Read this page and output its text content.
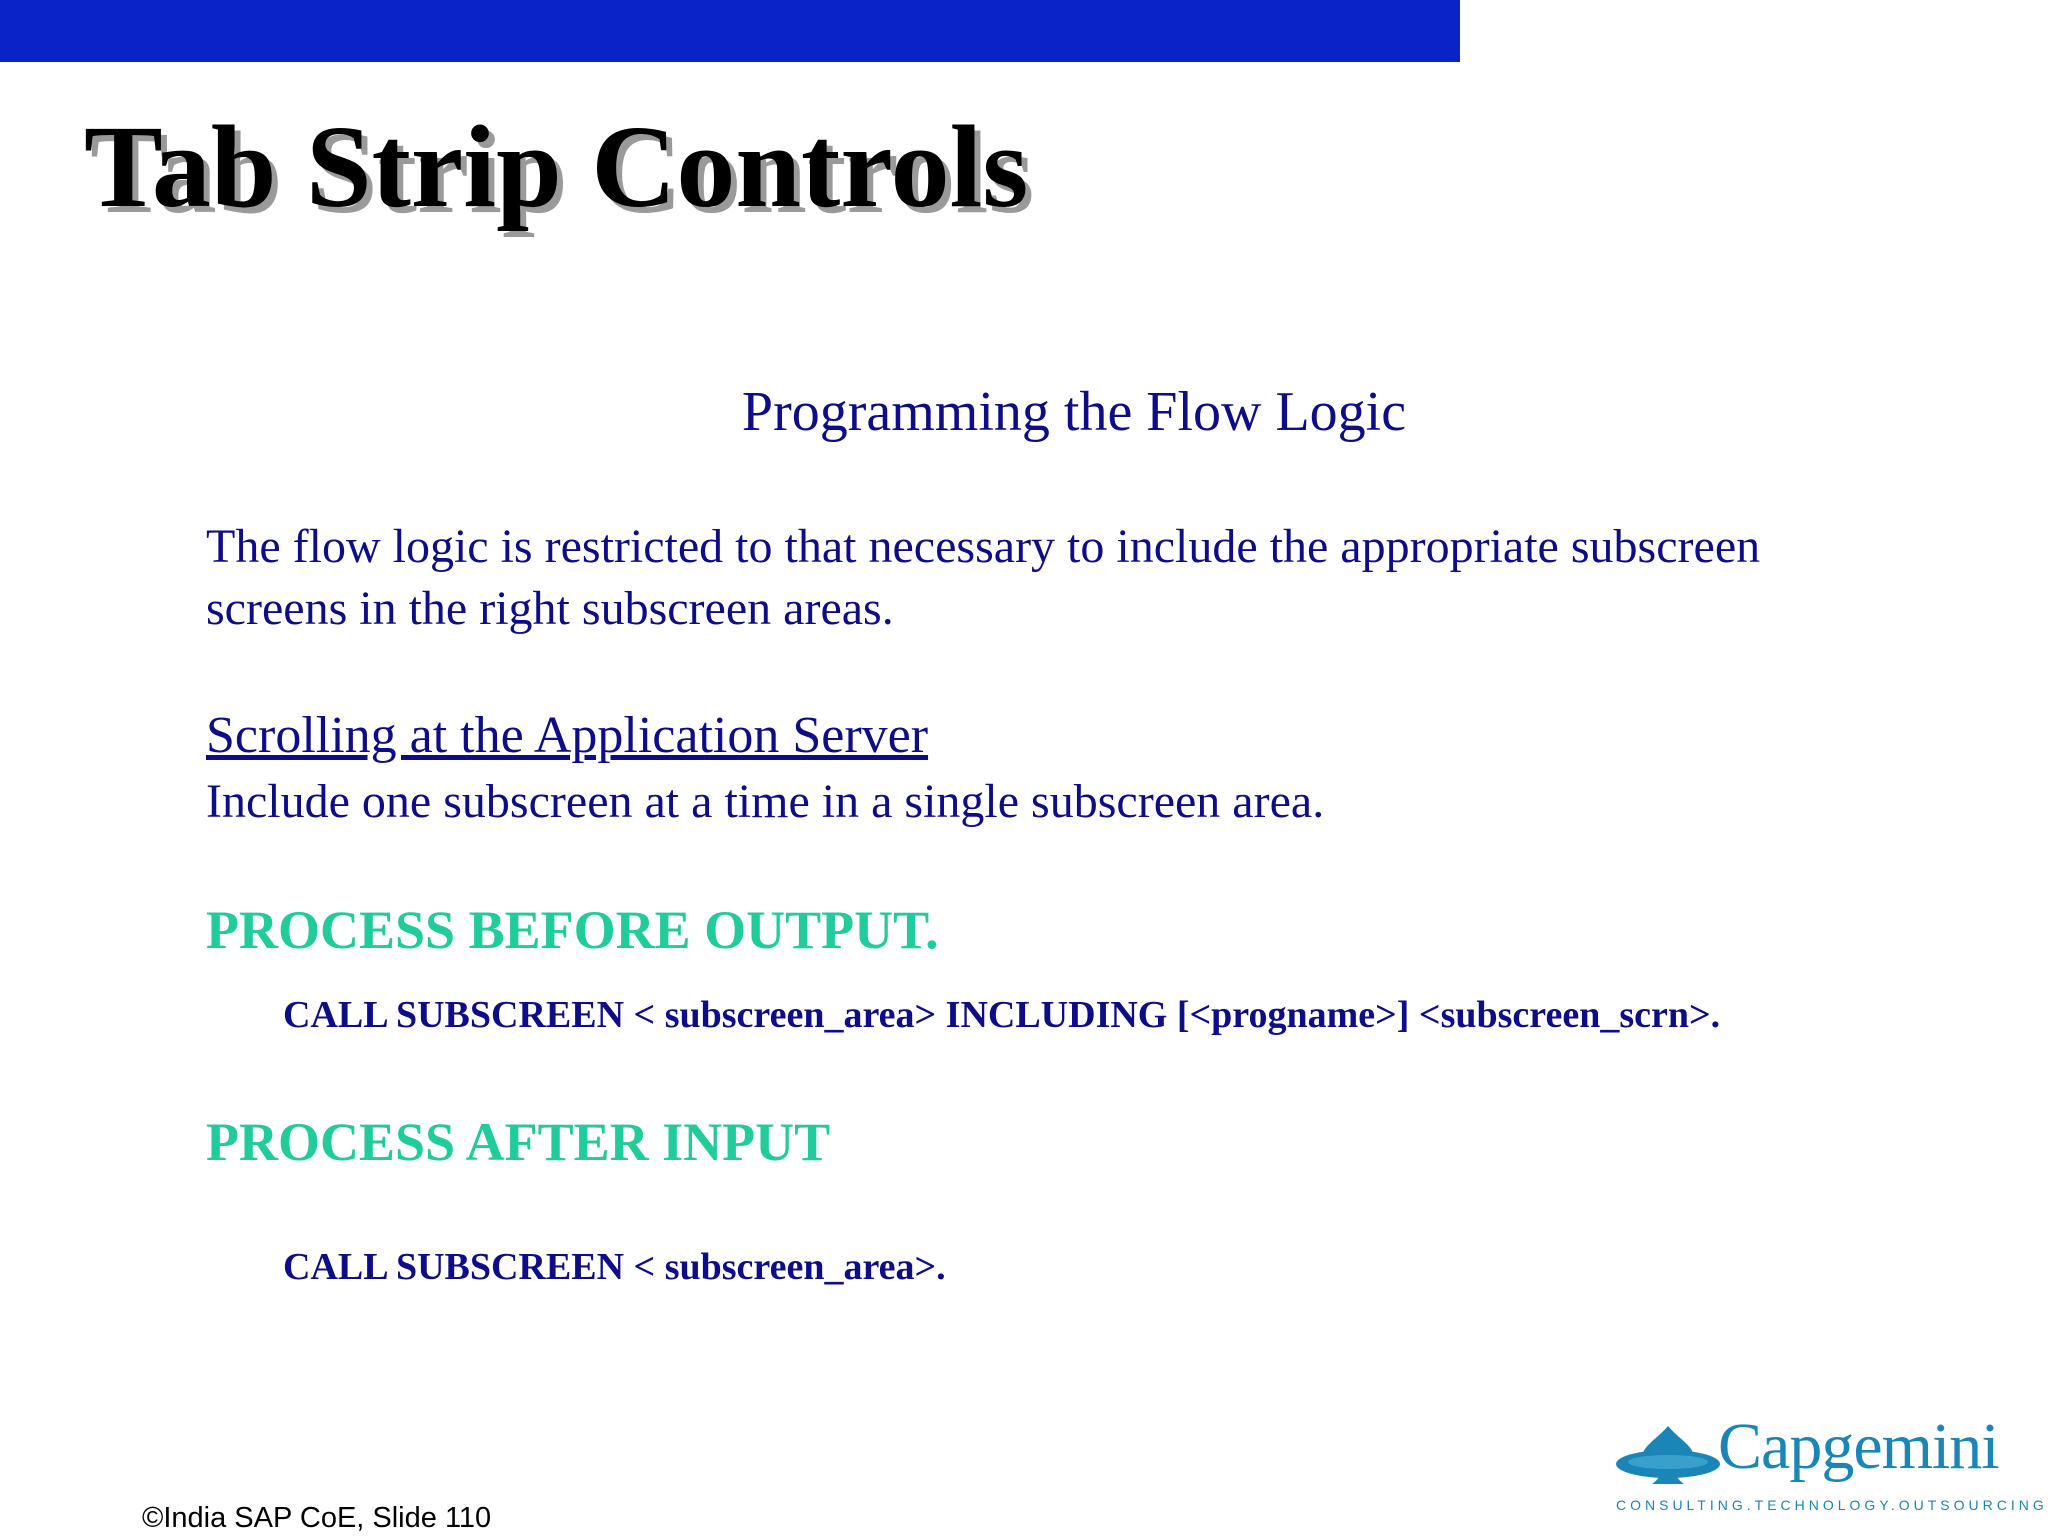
Tab Strip Controls
Programming the Flow Logic
The flow logic is restricted to that necessary to include the appropriate subscreen screens in the right subscreen areas.
Scrolling at the Application Server
Include one subscreen at a time in a single subscreen area.
PROCESS BEFORE OUTPUT.
CALL SUBSCREEN < subscreen_area> INCLUDING [<progname>] <subscreen_scrn>.
PROCESS AFTER INPUT
CALL SUBSCREEN < subscreen_area>.
©India SAP CoE, Slide 110
Capgemini
CONSULTING.TECHNOLOGY.OUTSOURCING
